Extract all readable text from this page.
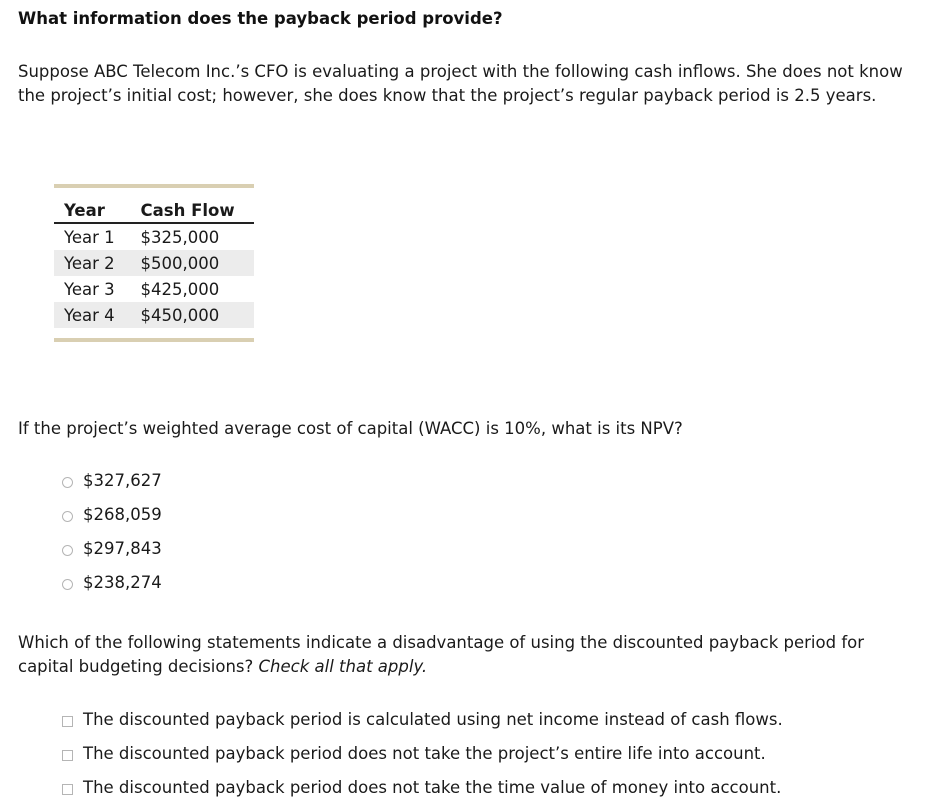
What information does the payback period provide?
Suppose ABC Telecom Inc.’s CFO is evaluating a project with the following cash inflows. She does not know the project’s initial cost; however, she does know that the project’s regular payback period is 2.5 years.
Year	Cash Flow
Year 1	$325,000
Year 2	$500,000
Year 3	$425,000
Year 4	$450,000
If the project’s weighted average cost of capital (WACC) is 10%, what is its NPV?
$327,627
$268,059
$297,843
$238,274
Which of the following statements indicate a disadvantage of using the discounted payback period for capital budgeting decisions? Check all that apply.
The discounted payback period is calculated using net income instead of cash flows.
The discounted payback period does not take the project’s entire life into account.
The discounted payback period does not take the time value of money into account.
